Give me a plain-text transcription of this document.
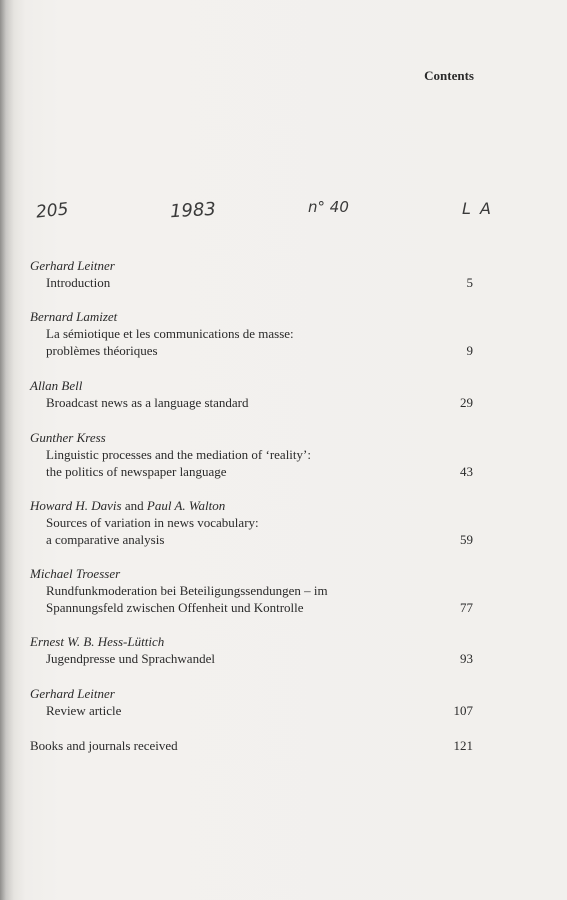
Contents
205	1983	n° 40	L A
Gerhard Leitner
Introduction	5
Bernard Lamizet
La sémiotique et les communications de masse:
problèmes théoriques	9
Allan Bell
Broadcast news as a language standard	29
Gunther Kress
Linguistic processes and the mediation of ‘reality’:
the politics of newspaper language	43
Howard H. Davis and Paul A. Walton
Sources of variation in news vocabulary:
a comparative analysis	59
Michael Troesser
Rundfunkmoderation bei Beteiligungssendungen – im
Spannungsfeld zwischen Offenheit und Kontrolle	77
Ernest W. B. Hess-Lüttich
Jugendpresse und Sprachwandel	93
Gerhard Leitner
Review article	107
Books and journals received	121
